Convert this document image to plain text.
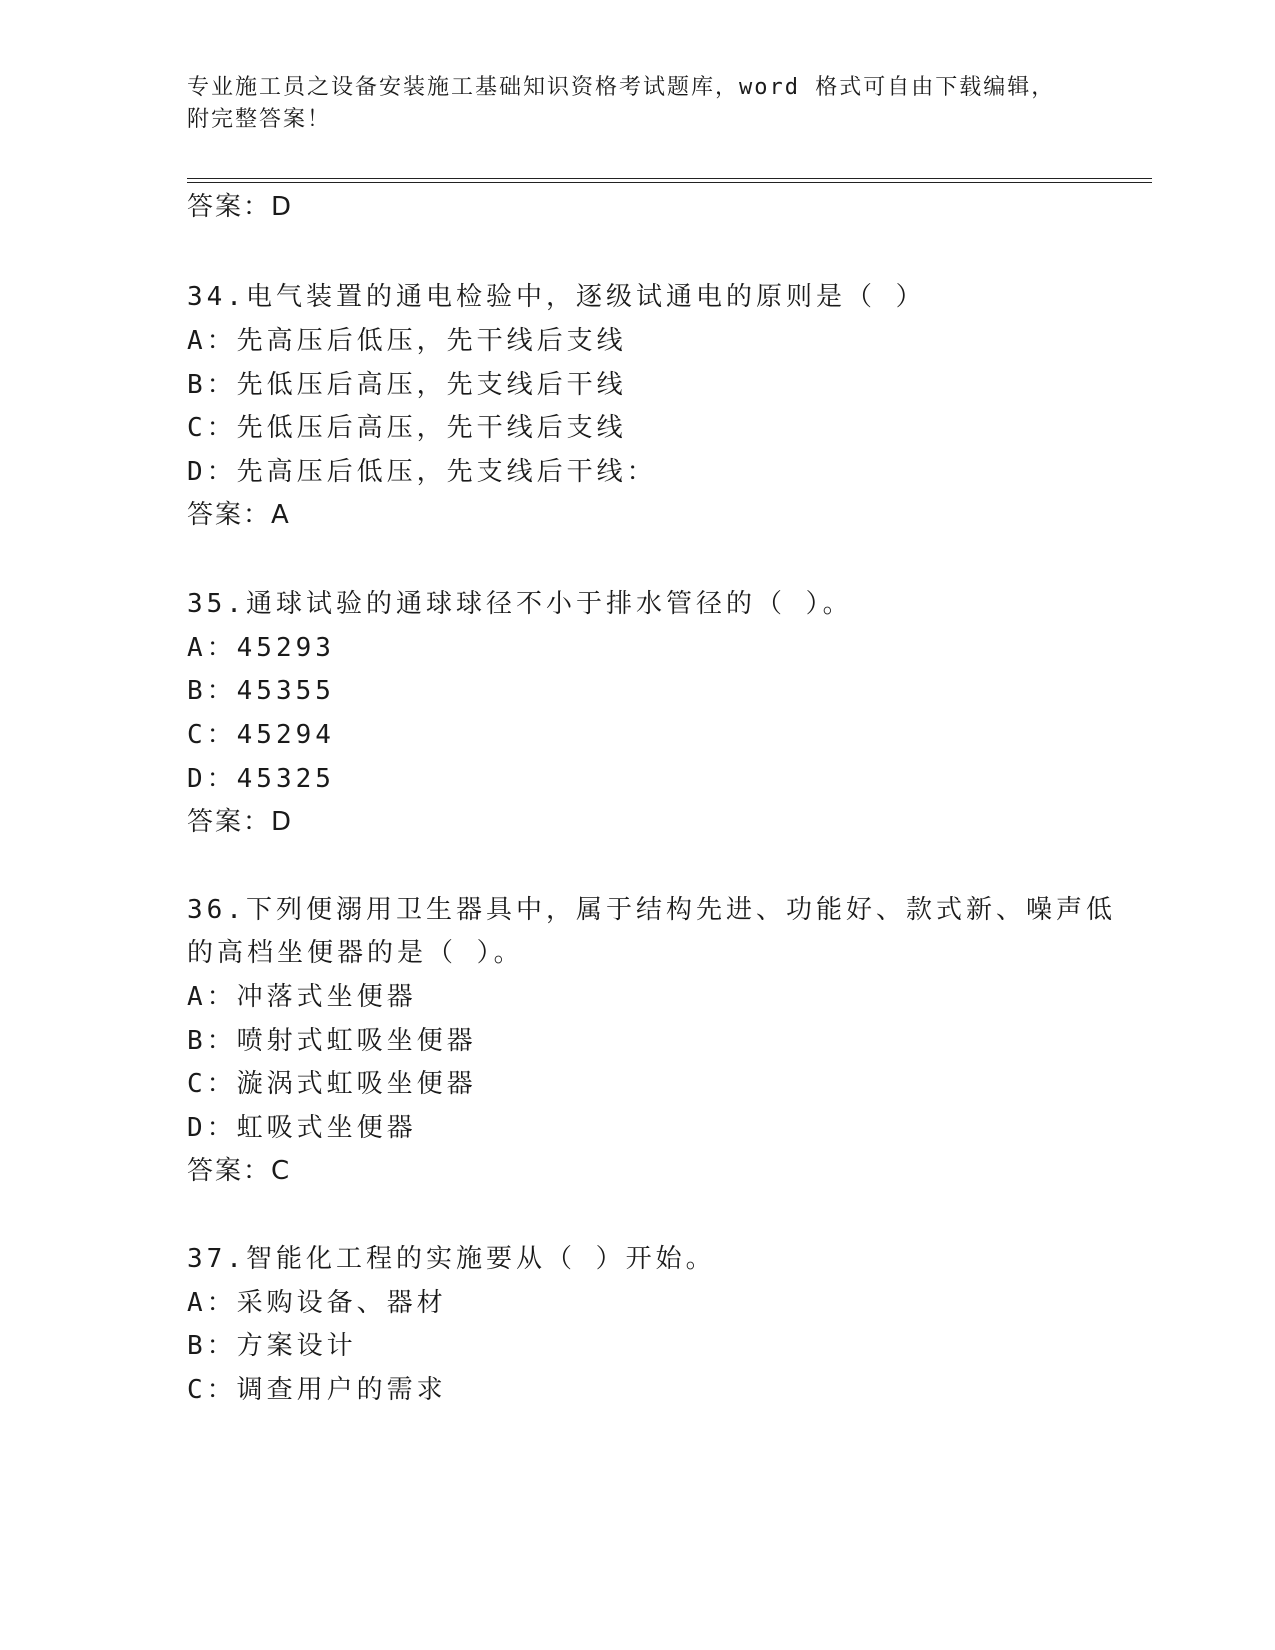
专业施工员之设备安装施工基础知识资格考试题库，word 格式可自由下载编辑，
附完整答案！
答案：D
34.电气装置的通电检验中，逐级试通电的原则是（ ）
A：先高压后低压，先干线后支线
B：先低压后高压，先支线后干线
C：先低压后高压，先干线后支线
D：先高压后低压，先支线后干线：
答案：A
35.通球试验的通球球径不小于排水管径的（ ）。
A：45293
B：45355
C：45294
D：45325
答案：D
36.下列便溺用卫生器具中，属于结构先进、功能好、款式新、噪声低
的高档坐便器的是（ ）。
A：冲落式坐便器
B：喷射式虹吸坐便器
C：漩涡式虹吸坐便器
D：虹吸式坐便器
答案：C
37.智能化工程的实施要从（ ）开始。
A：采购设备、器材
B：方案设计
C：调查用户的需求
